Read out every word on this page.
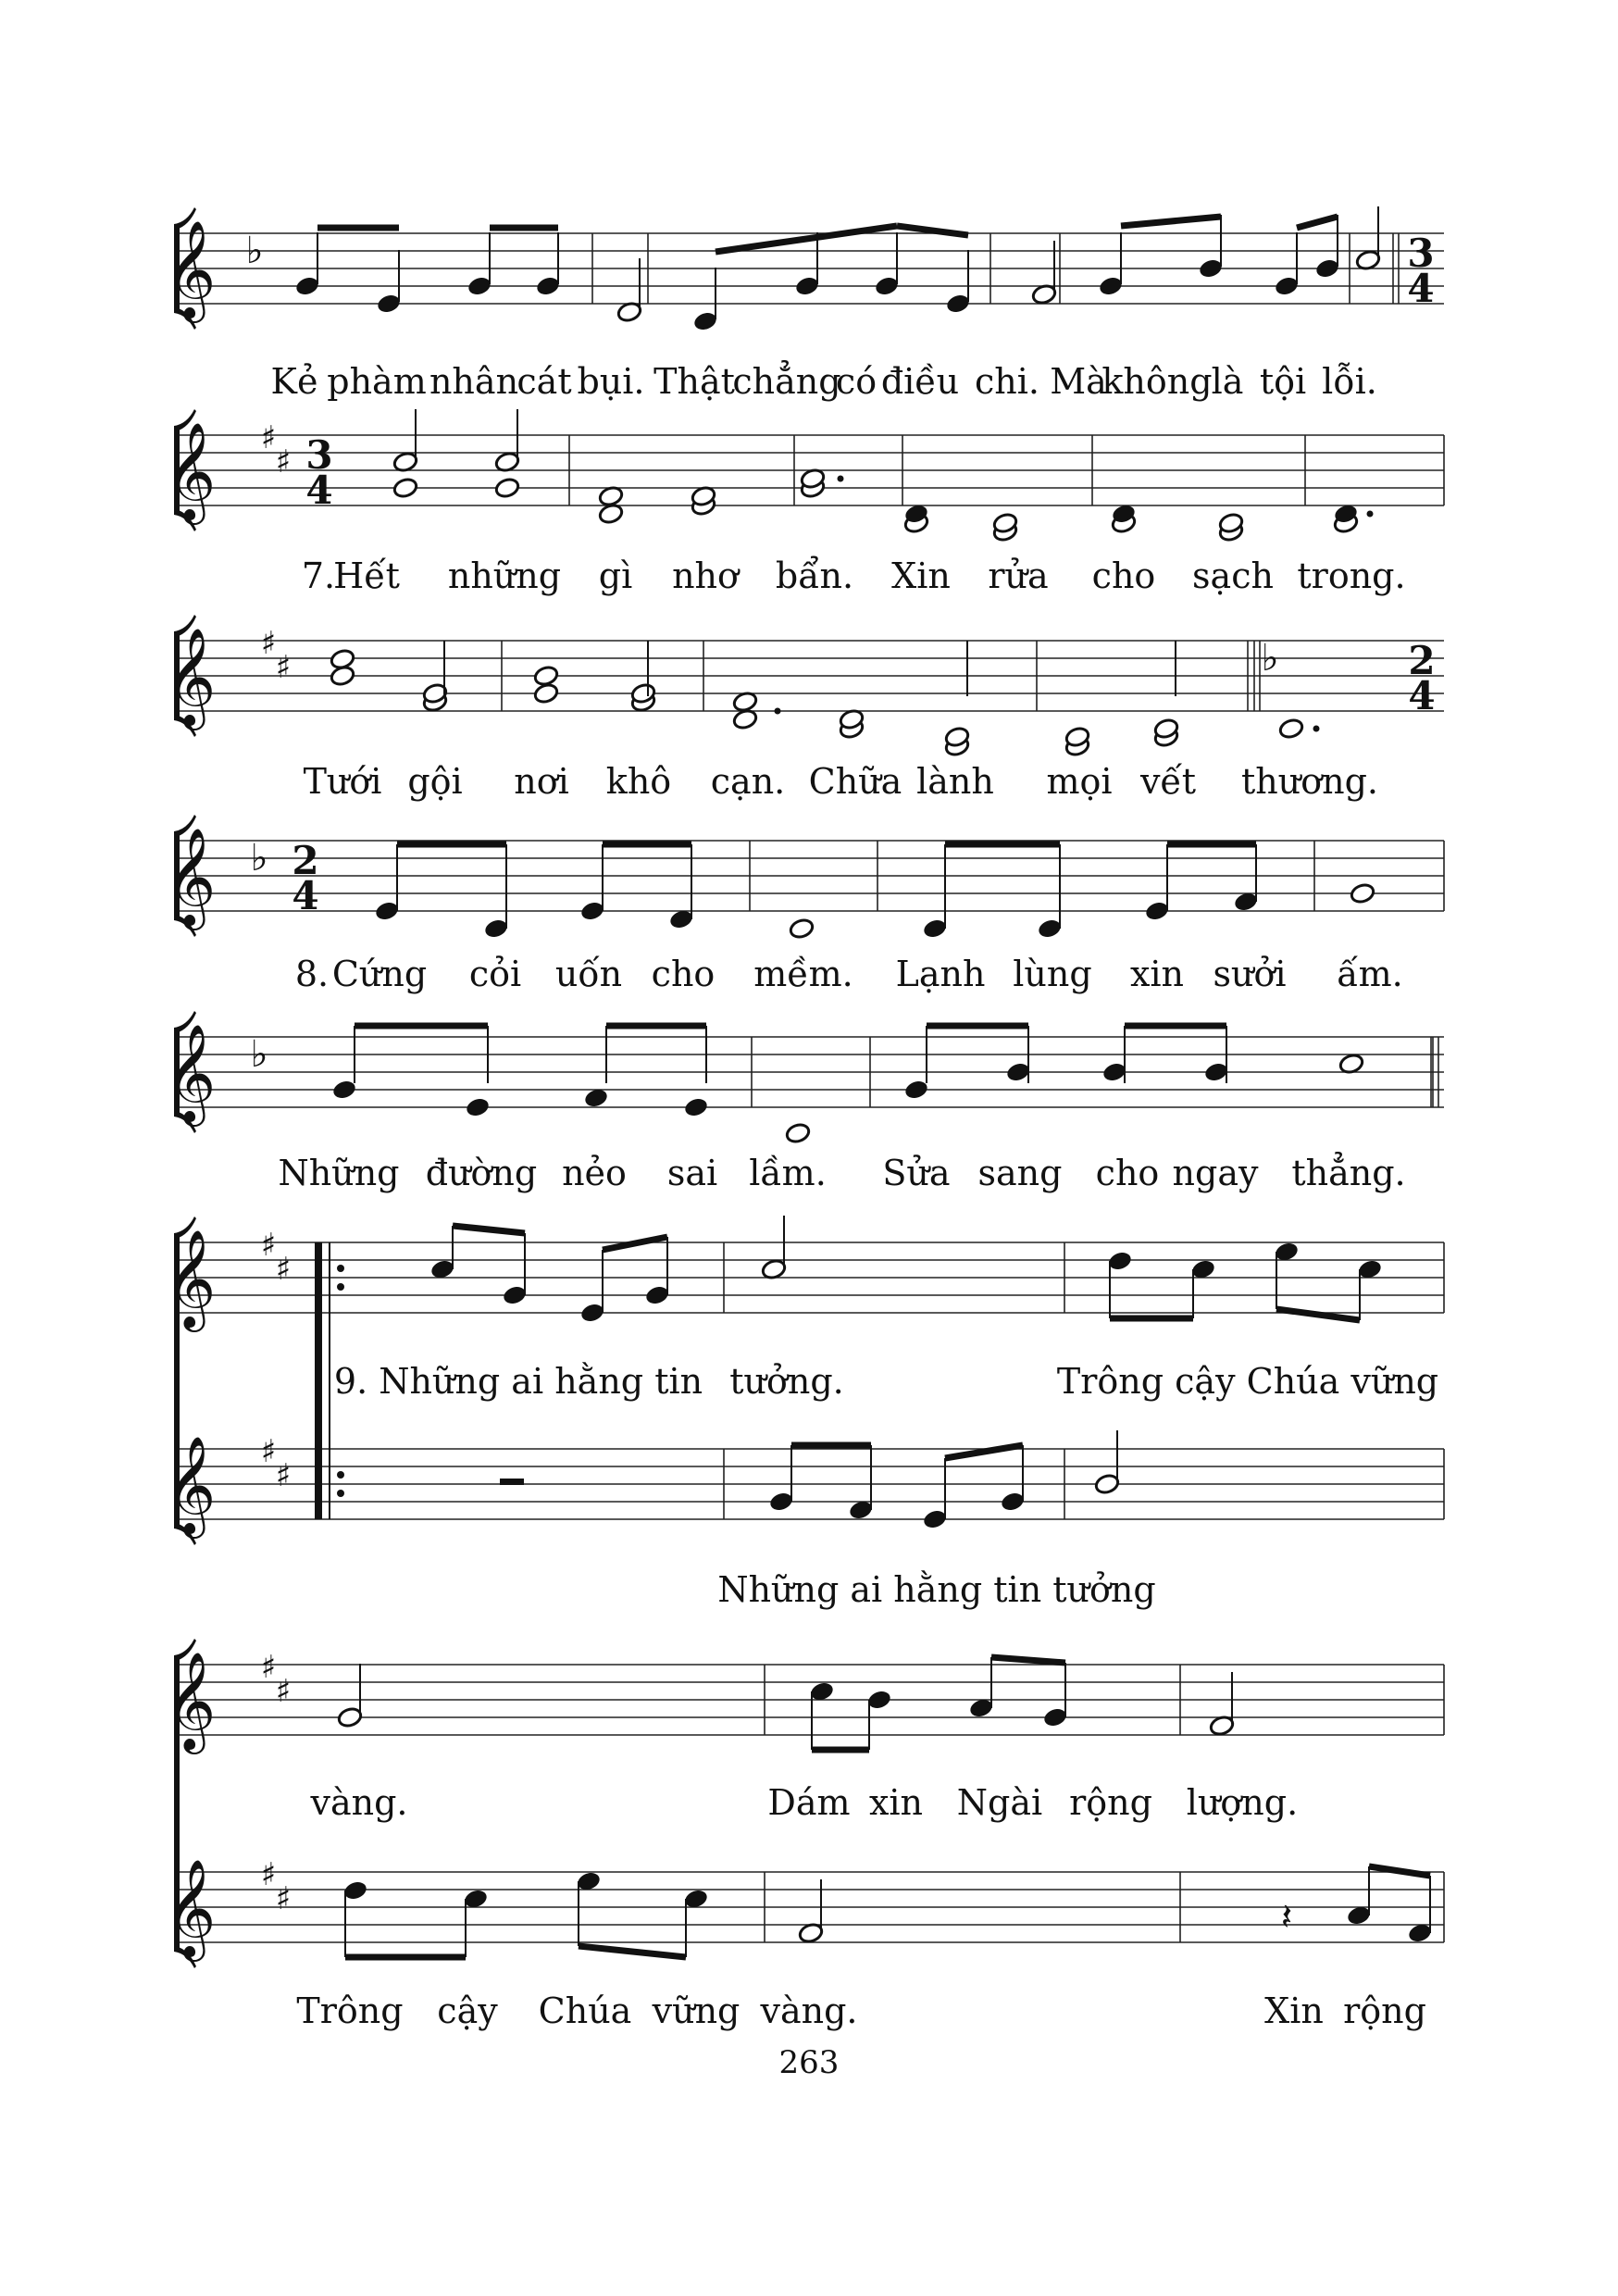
𝄞 ♭	3
4
𝄞 ♯
♯ 3
4
𝄞 ♯
♯	♭	2
4
𝄞 ♭ 2
4
𝄞 ♭
𝄞
𝄞
♯
♯
♯
♯
𝄞
𝄞
♯
♯
♯
♯	𝄽
Kẻ phàm nhân
cát bụi. Thật
chẳng
có điều chi. Mà
không là tội lỗi.
7.
Hết những gì nhơ bẩn. Xin rửa cho sạch trong.
Tưới gội nơi khô cạn. Chữa lành mọi vết thương.
8. Cứng cỏi uốn cho mềm. Lạnh lùng xin sưởi ấm.
Những đường nẻo sai lầm. Sửa sang cho ngay thẳng.
9. Những ai hằng tin tưởng.	Trông cậy Chúa vững
Những ai hằng tin tưởng
vàng.	Dám xin Ngài rộng lượng.
Trông cậy Chúa vững vàng.	Xin rộng
263
